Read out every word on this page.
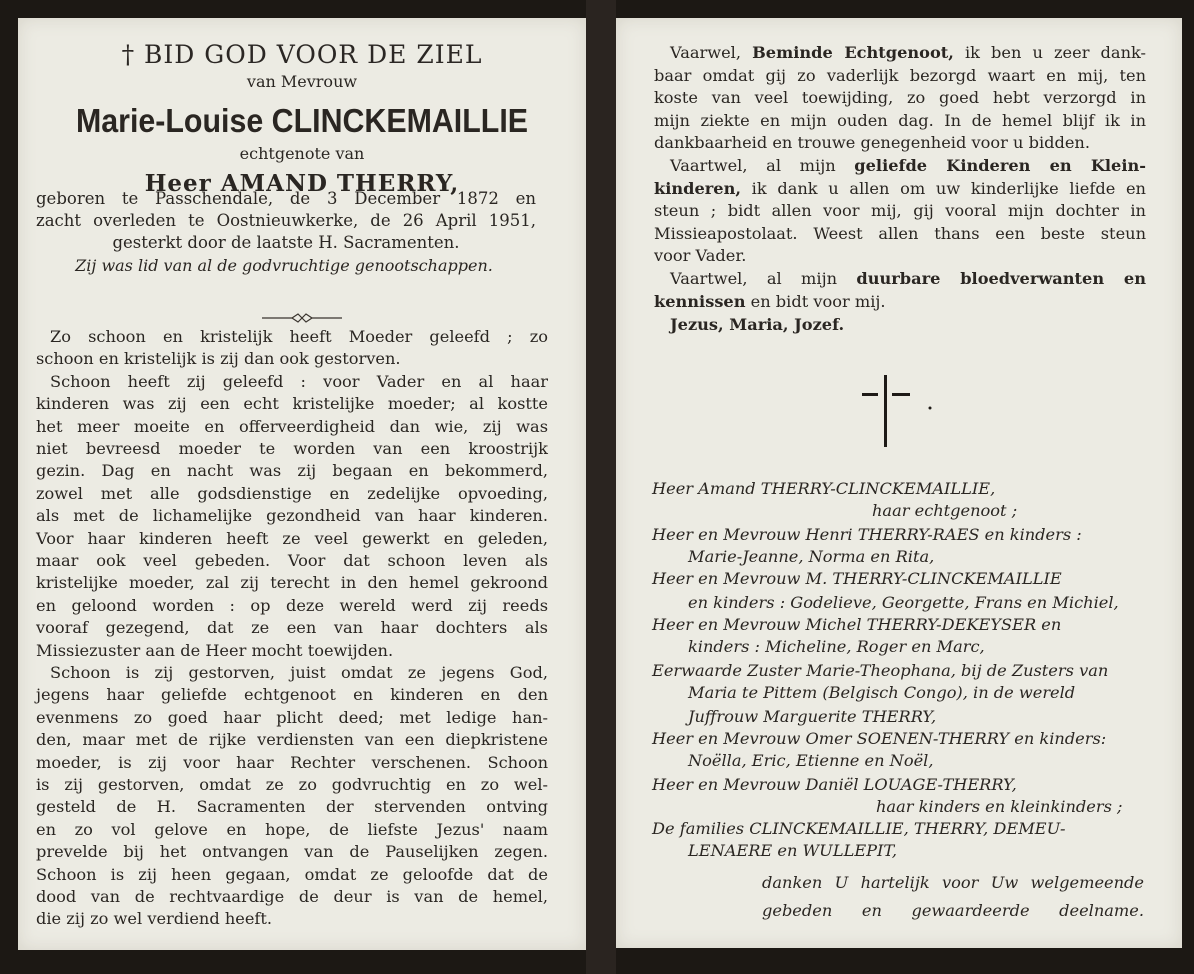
† BID GOD VOOR DE ZIEL
van Mevrouw
Marie-Louise CLINCKEMAILLIE
echtgenote van
Heer AMAND THERRY,
geboren te Passchendale, de 3 December 1872 en
zacht overleden te Oostnieuwkerke, de 26 April 1951,
gesterkt door de laatste H. Sacramenten.
Zij was lid van al de godvruchtige genootschappen.
Zo schoon en kristelijk heeft Moeder geleefd ; zo
schoon en kristelijk is zij dan ook gestorven.
Schoon heeft zij geleefd : voor Vader en al haar
kinderen was zij een echt kristelijke moeder; al kostte
het meer moeite en offerveerdigheid dan wie, zij was
niet bevreesd moeder te worden van een kroostrijk
gezin. Dag en nacht was zij begaan en bekommerd,
zowel met alle godsdienstige en zedelijke opvoeding,
als met de lichamelijke gezondheid van haar kinderen.
Voor haar kinderen heeft ze veel gewerkt en geleden,
maar ook veel gebeden. Voor dat schoon leven als
kristelijke moeder, zal zij terecht in den hemel gekroond
en geloond worden : op deze wereld werd zij reeds
vooraf gezegend, dat ze een van haar dochters als
Missiezuster aan de Heer mocht toewijden.
Schoon is zij gestorven, juist omdat ze jegens God,
jegens haar geliefde echtgenoot en kinderen en den
evenmens zo goed haar plicht deed; met ledige han-
den, maar met de rijke verdiensten van een diepkristene
moeder, is zij voor haar Rechter verschenen. Schoon
is zij gestorven, omdat ze zo godvruchtig en zo wel-
gesteld de H. Sacramenten der stervenden ontving
en zo vol gelove en hope, de liefste Jezus' naam
prevelde bij het ontvangen van de Pauselijken zegen.
Schoon is zij heen gegaan, omdat ze geloofde dat de
dood van de rechtvaardige de deur is van de hemel,
die zij zo wel verdiend heeft.
Vaarwel, Beminde Echtgenoot, ik ben u zeer dank-
baar omdat gij zo vaderlijk bezorgd waart en mij, ten
koste van veel toewijding, zo goed hebt verzorgd in
mijn ziekte en mijn ouden dag. In de hemel blijf ik in
dankbaarheid en trouwe genegenheid voor u bidden.
Vaartwel, al mijn geliefde Kinderen en Klein-
kinderen, ik dank u allen om uw kinderlijke liefde en
steun ; bidt allen voor mij, gij vooral mijn dochter in
Missieapostolaat. Weest allen thans een beste steun
voor Vader.
Vaartwel, al mijn duurbare bloedverwanten en
kennissen en bidt voor mij.
Jezus, Maria, Jozef.
Heer Amand THERRY-CLINCKEMAILLIE,
haar echtgenoot ;
Heer en Mevrouw Henri THERRY-RAES en kinders :
Marie-Jeanne, Norma en Rita,
Heer en Mevrouw M. THERRY-CLINCKEMAILLIE
en kinders : Godelieve, Georgette, Frans en Michiel,
Heer en Mevrouw Michel THERRY-DEKEYSER en
kinders : Micheline, Roger en Marc,
Eerwaarde Zuster Marie-Theophana, bij de Zusters van
Maria te Pittem (Belgisch Congo), in de wereld
Juffrouw Marguerite THERRY,
Heer en Mevrouw Omer SOENEN-THERRY en kinders:
Noëlla, Eric, Etienne en Noël,
Heer en Mevrouw Daniël LOUAGE-THERRY,
haar kinders en kleinkinders ;
De families CLINCKEMAILLIE, THERRY, DEMEU-
LENAERE en WULLEPIT,
danken U hartelijk voor Uw welgemeende
gebeden en gewaardeerde deelname.
